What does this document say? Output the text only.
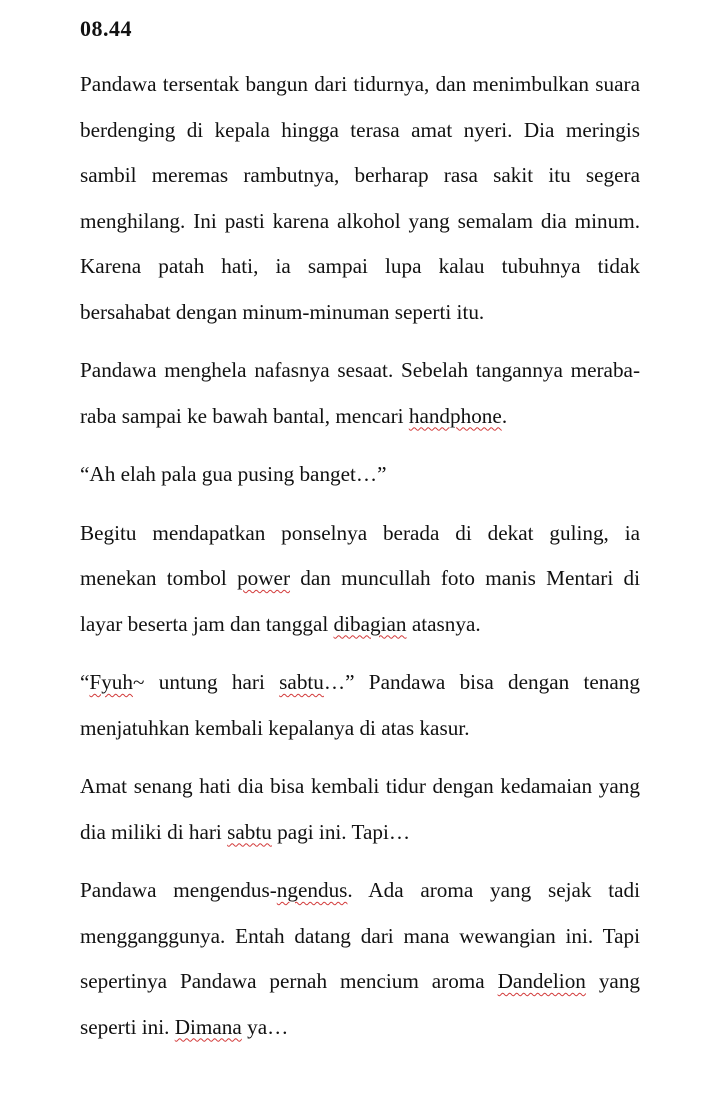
08.44

Pandawa tersentak bangun dari tidurnya, dan menimbulkan suara berdenging di kepala hingga terasa amat nyeri. Dia meringis sambil meremas rambutnya, berharap rasa sakit itu segera menghilang. Ini pasti karena alkohol yang semalam dia minum. Karena patah hati, ia sampai lupa kalau tubuhnya tidak bersahabat dengan minum-minuman seperti itu.

Pandawa menghela nafasnya sesaat. Sebelah tangannya meraba-raba sampai ke bawah bantal, mencari handphone.

“Ah elah pala gua pusing banget…”

Begitu mendapatkan ponselnya berada di dekat guling, ia menekan tombol power dan muncullah foto manis Mentari di layar beserta jam dan tanggal dibagian atasnya.

“Fyuh~ untung hari sabtu…” Pandawa bisa dengan tenang menjatuhkan kembali kepalanya di atas kasur.

Amat senang hati dia bisa kembali tidur dengan kedamaian yang dia miliki di hari sabtu pagi ini. Tapi…

Pandawa mengendus-ngendus. Ada aroma yang sejak tadi mengganggunya. Entah datang dari mana wewangian ini. Tapi sepertinya Pandawa pernah mencium aroma Dandelion yang seperti ini. Dimana ya…
